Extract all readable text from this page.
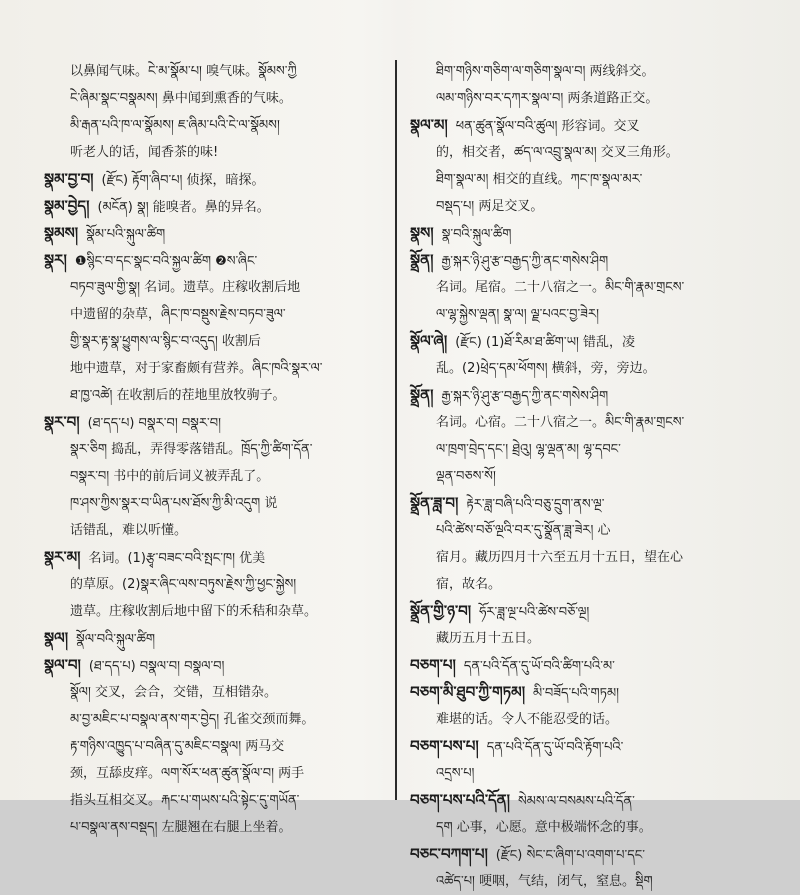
以鼻闻气味。ངེ་མ་སྣོམ་པ། 嗅气味。སྣོམས་ཀྱི
ངེ་ཞིམ་སྣང་བསྣམས། 鼻中闻到熏香的气味。
མི་རྒན་པའི་ཁ་ལ་སྣོམས། ཇ་ཞིམ་པའི་ངེ་ལ་སྣོམས།
听老人的话，闻香茶的味!
སྣམ་བྱ་བ། (རྫོང) རྟོག་ཞིབ་པ། 侦探，暗探。
སྣམ་བྱེད། (མངོན) སྣ། 能嗅者。鼻的异名。
སྣམས། སྣོམ་པའི་སྐུལ་ཚིག
སྣར། ❶སྙིང་བ་དང་སྣང་བའི་སྐྱལ་ཚིག ❷ས་ཞིང་
བཏབ་ཟུལ་གྱི་སྣ། 名词。遗草。庄稼收割后地
中遗留的杂草，ཞིང་ཁ་བསྡུས་རྗེས་བཏབ་ཟུལ་
གྱི་སྣར་རྟ་སྣ་ཕྱུགས་ལ་སྙིང་བ་འདུད། 收割后
地中遗草，对于家畜颇有营养。ཞིང་ཁའི་སྣར་ལ་
ཐ་ཁྱ་འཚེ། 在收割后的茬地里放牧驹子。
སྣར་བ། (ཐ་དད་པ) བསྣར་བ། བསྣར་བ།
སྣར་ཅིག 捣乱，弄得零落错乱。ཁྲོད་ཀྱི་ཚིག་དོན་
བསྣར་བ། 书中的前后词义被弄乱了。
ཁ་ཤས་ཀྱིས་སྣར་བ་ཡིན་པས་ཐོས་ཀྱི་མི་འདུག 说
话错乱，难以听懂。
སྣར་མ། 名词。(1)རྩྭ་བཟང་བའི་སྤང་ཁ། 优美
的草原。(2)སྣར་ཞིང་ལས་བཏུས་རྗེས་ཀྱི་ཕྱང་སྐྱེས།
遗草。庄稼收割后地中留下的禾秸和杂草。
སྣལ། སྣོལ་བའི་སྐུལ་ཚིག
སྣལ་བ། (ཐ་དད་པ) བསྣལ་བ། བསྣལ་བ།
སྣོལ། 交叉，会合，交错，互相错杂。
མ་བྱ་མཇིང་པ་བསྣལ་ནས་གར་བྱེད། 孔雀交颈而舞。
རྟ་གཉིས་འཁྱུད་པ་བཞིན་དུ་མཇིང་བསྣལ། 两马交
颈，互舔皮痒。ལག་སོར་ཕན་ཚུན་སྣོལ་བ། 两手
指头互相交叉。རྐང་པ་གཡས་པའི་སྟེང་དུ་གཡོན་
པ་བསྣལ་ནས་བསྡད། 左腿翘在右腿上坐着。
ཐིག་གཉིས་གཅིག་ལ་གཅིག་སྣལ་བ། 两线斜交。
ལམ་གཉིས་བར་དཀར་སྣལ་བ། 两条道路正交。
སྣལ་མ། ཕན་ཚུན་སྣོལ་བའི་ཚུལ། 形容词。交叉
的，相交者，ཚད་ལ་འབྲུ་སྣལ་མ། 交叉三角形。
ཐིག་སྣལ་མ། 相交的直线。ཀང་ཁ་སྣལ་མར་
བསྡད་པ། 两足交叉。
སྣས། སྣ་བའི་སྐུལ་ཚིག
སྣྲོན། རྒྱ་སྐར་ཉི་ཤུ་རྩ་བརྒྱད་ཀྱི་ནང་གསེས་ཤིག
名词。尾宿。二十八宿之一。མིང་གི་རྣམ་གྲངས་
ལ་ལྷ་སྐྱེས་ལྡན། སྣ་ལ། ལྗ་པའང་བྱ་ཟེར།
སྣོལ་ཞེ། (རྫོང) (1)ཐོ་རིམ་ཐ་ཚིག་ཡ། 错乱，凌
乱。(2)ཕྲེད་དམ་ཕོགས། 横斜，旁，旁边。
སྣྲོན། རྒྱ་སྐར་ཉི་ཤུ་རྩ་བརྒྱད་ཀྱི་ནང་གསེས་ཤིག
名词。心宿。二十八宿之一。མིང་གི་རྣམ་གྲངས་
ལ་ཁྲག་བྲེད་དང་། ཐྲེའུ། ལྷ་ལྡན་མ། ལྷ་དབང་
ལྡན་བཅས་སོ།
སྣྲོན་ཟླ་བ། རྟེར་ཟླ་བཞི་པའི་བཅུ་དྲུག་ནས་ལྔ་
པའི་ཚེས་བཅོ་ལྔའི་བར་དུ་སྣྲོན་ཟླ་ཟེར། 心
宿月。藏历四月十六至五月十五日，望在心
宿，故名。
སྣྲོན་གྱི་ཉ་བ། ཧོར་ཟླ་ལྔ་པའི་ཚེས་བཅོ་ལྔ།
藏历五月十五日。
བཅག་པ། དན་པའི་དོན་དུ་ཡོ་བའི་ཚིག་པའི་མ་
བཅག་མི་ཐུབ་ཀྱི་གཏམ། མི་བཟོད་པའི་གཏམ།
难堪的话。令人不能忍受的话。
བཅག་པས་པ། དན་པའི་དོན་དུ་ཡོ་བའི་རྟོག་པའི་
འདྲས་པ།
བཅག་པས་པའི་དོན། སེམས་ལ་བསམས་པའི་དོན་
དག 心事，心愿。意中极端怀念的事。
བཅང་བཀག་པ། (རྫོང) སེང་ང་ཞིག་པ་འགག་པ་དང་
འཚེད་པ། 哽咽，气结，闭气，窒息。སྡིག
